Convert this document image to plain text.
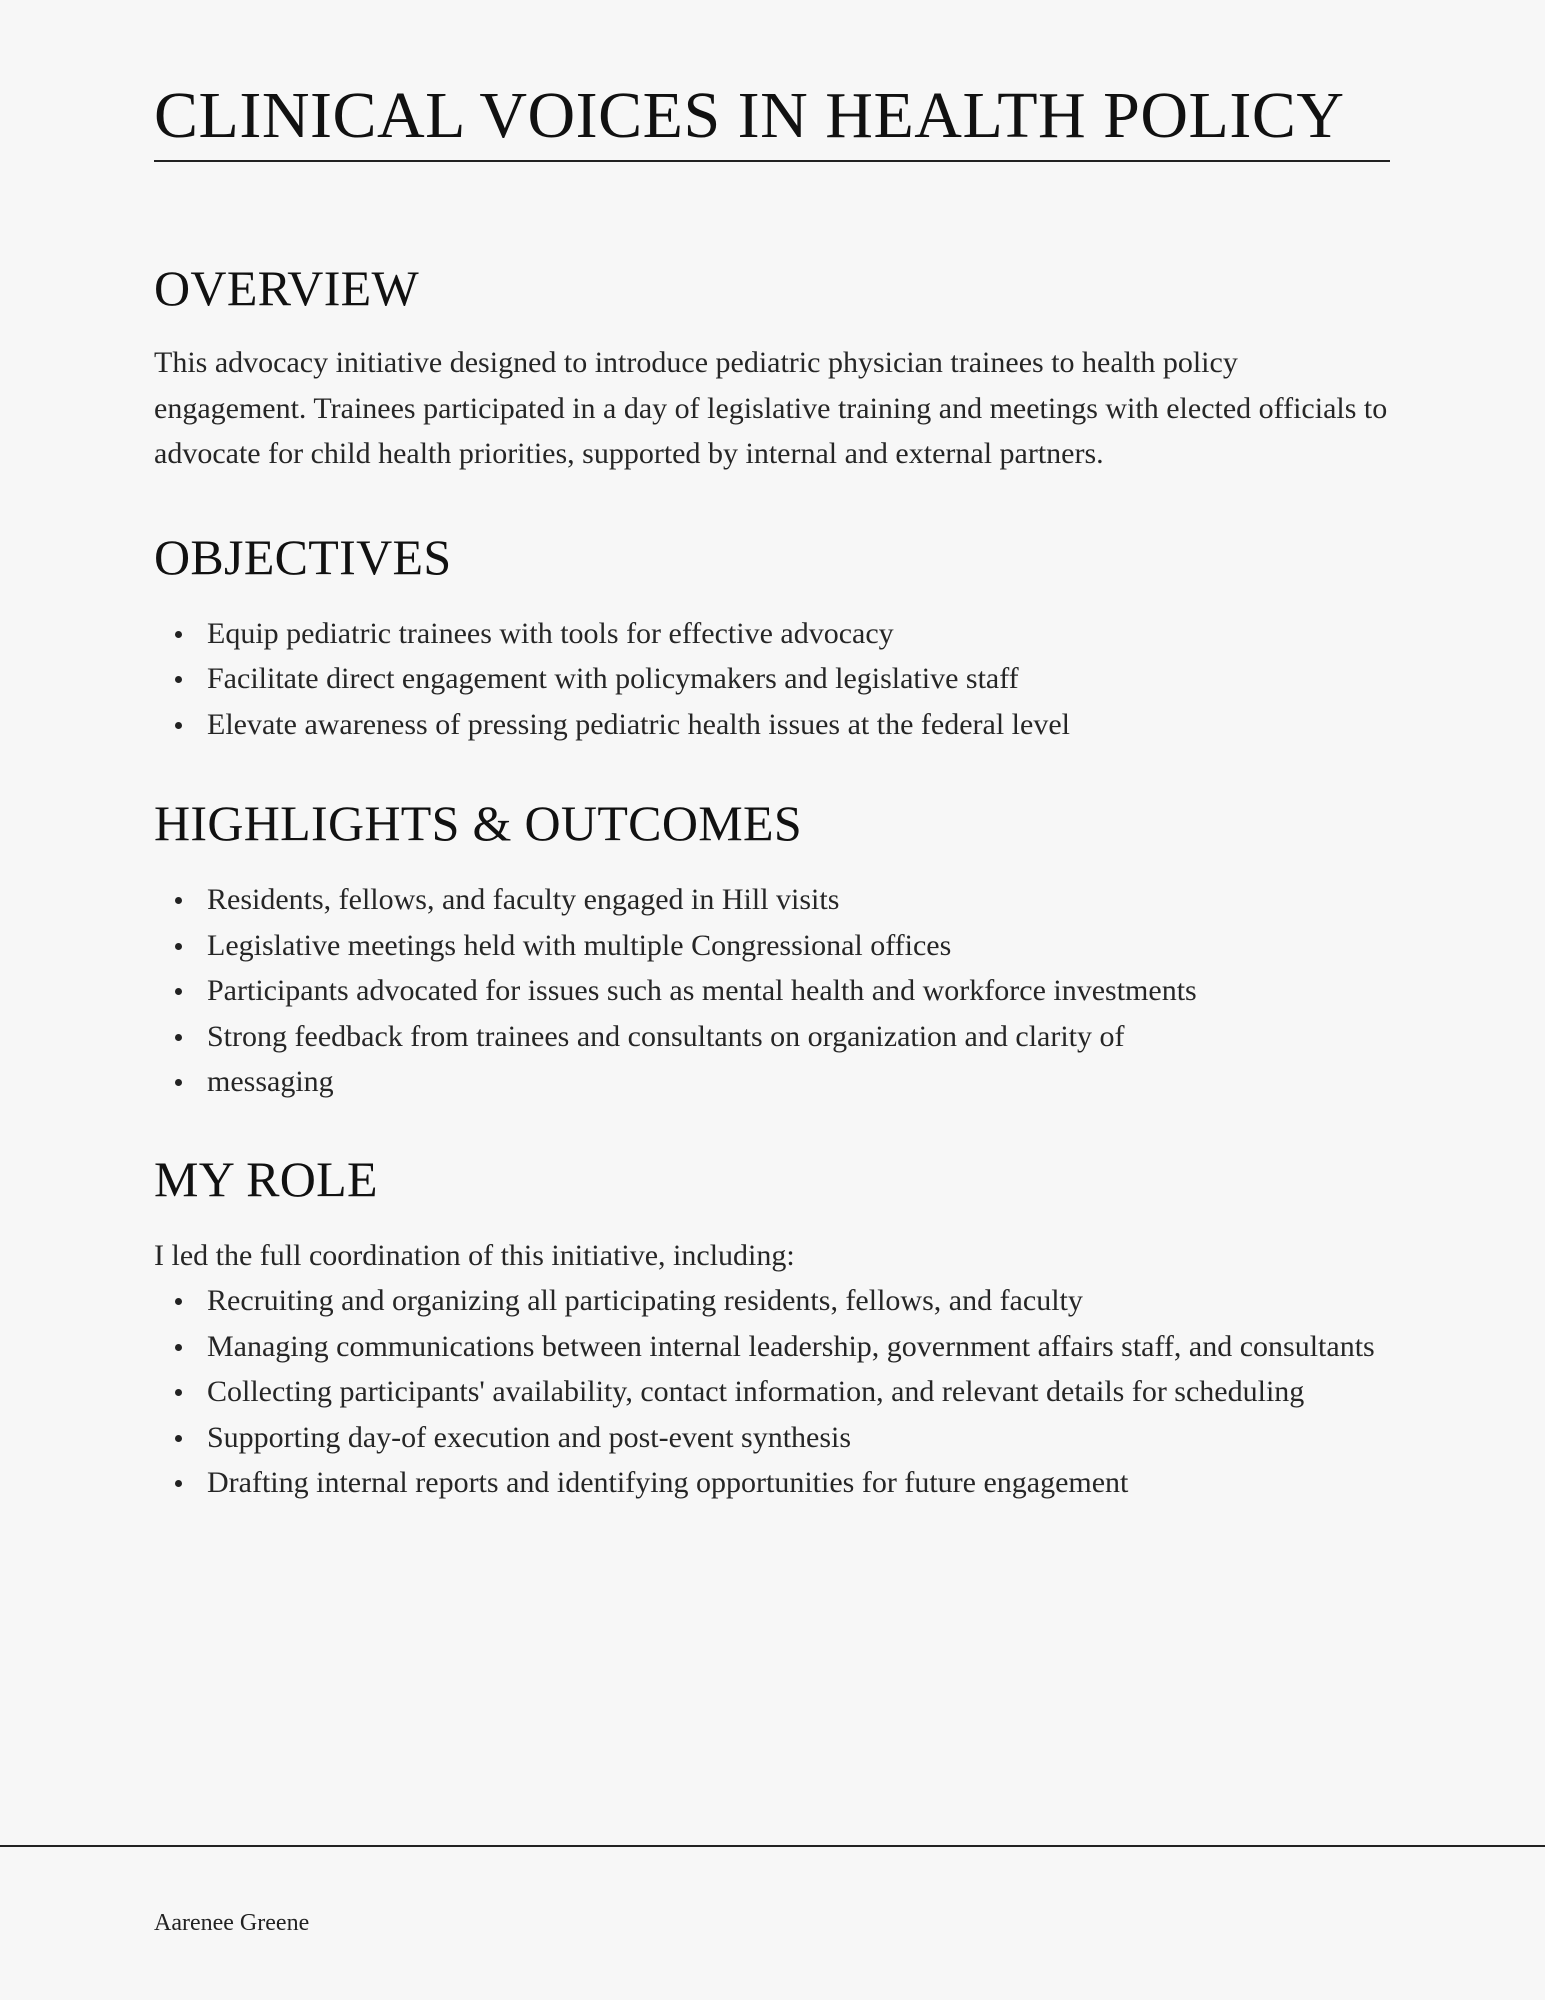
CLINICAL VOICES IN HEALTH POLICY
OVERVIEW

This advocacy initiative designed to introduce pediatric physician trainees to health policy engagement. Trainees participated in a day of legislative training and meetings with elected officials to advocate for child health priorities, supported by internal and external partners.

OBJECTIVES
Equip pediatric trainees with tools for effective advocacy
Facilitate direct engagement with policymakers and legislative staff
Elevate awareness of pressing pediatric health issues at the federal level
HIGHLIGHTS & OUTCOMES
Residents, fellows, and faculty engaged in Hill visits
Legislative meetings held with multiple Congressional offices
Participants advocated for issues such as mental health and workforce investments
Strong feedback from trainees and consultants on organization and clarity of
messaging
MY ROLE

I led the full coordination of this initiative, including:

Recruiting and organizing all participating residents, fellows, and faculty
Managing communications between internal leadership, government affairs staff, and consultants
Collecting participants' availability, contact information, and relevant details for scheduling
Supporting day-of execution and post-event synthesis
Drafting internal reports and identifying opportunities for future engagement
Aarenee Greene
